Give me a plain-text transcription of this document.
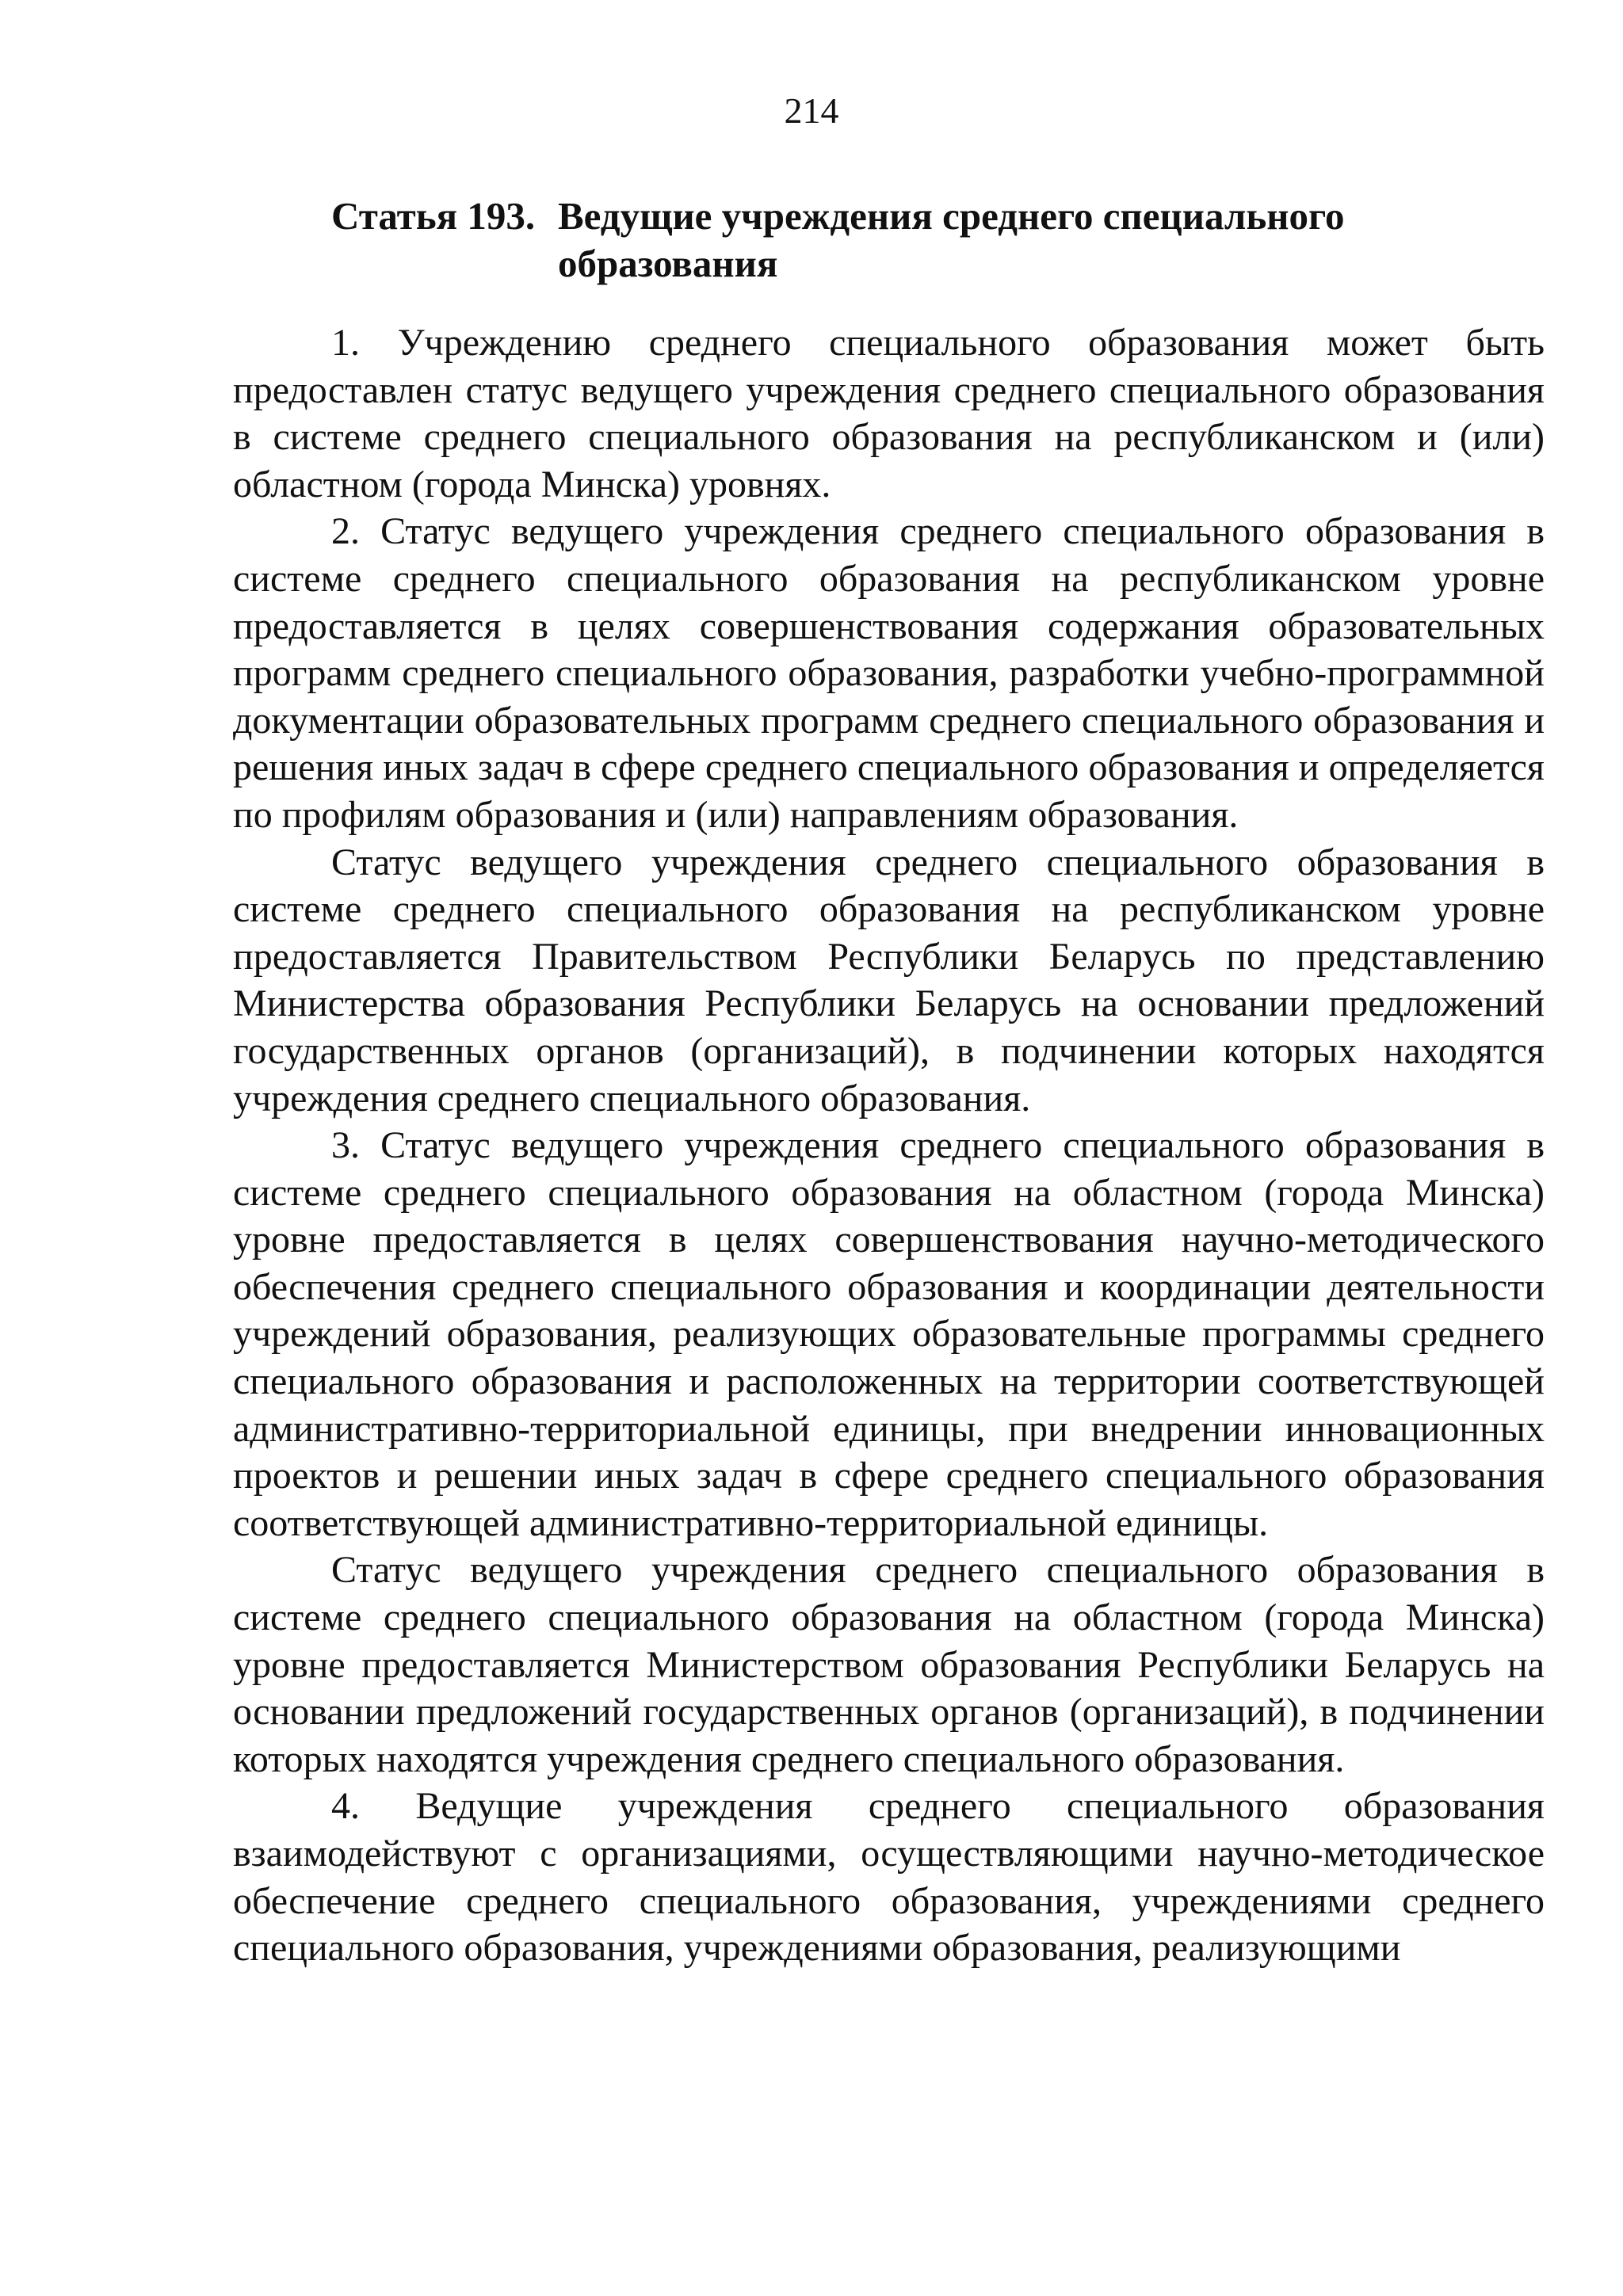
214
Статья 193. Ведущие учреждения среднего специального образования

1. Учреждению среднего специального образования может быть предоставлен статус ведущего учреждения среднего специального образования в системе среднего специального образования на республиканском и (или) областном (города Минска) уровнях.

2. Статус ведущего учреждения среднего специального образования в системе среднего специального образования на республиканском уровне предоставляется в целях совершенствования содержания образовательных программ среднего специального образования, разработки учебно-программной документации образовательных программ среднего специального образования и решения иных задач в сфере среднего специального образования и определяется по профилям образования и (или) направлениям образования.

Статус ведущего учреждения среднего специального образования в системе среднего специального образования на республиканском уровне предоставляется Правительством Республики Беларусь по представлению Министерства образования Республики Беларусь на основании предложений государственных органов (организаций), в подчинении которых находятся учреждения среднего специального образования.

3. Статус ведущего учреждения среднего специального образования в системе среднего специального образования на областном (города Минска) уровне предоставляется в целях совершенствования научно-методического обеспечения среднего специального образования и координации деятельности учреждений образования, реализующих образовательные программы среднего специального образования и расположенных на территории соответствующей административно-территориальной единицы, при внедрении инновационных проектов и решении иных задач в сфере среднего специального образования соответствующей административно-территориальной единицы.

Статус ведущего учреждения среднего специального образования в системе среднего специального образования на областном (города Минска) уровне предоставляется Министерством образования Республики Беларусь на основании предложений государственных органов (организаций), в подчинении которых находятся учреждения среднего специального образования.

4. Ведущие учреждения среднего специального образования взаимодействуют с организациями, осуществляющими научно-методическое обеспечение среднего специального образования, учреждениями среднего специального образования, учреждениями образования, реализующими
